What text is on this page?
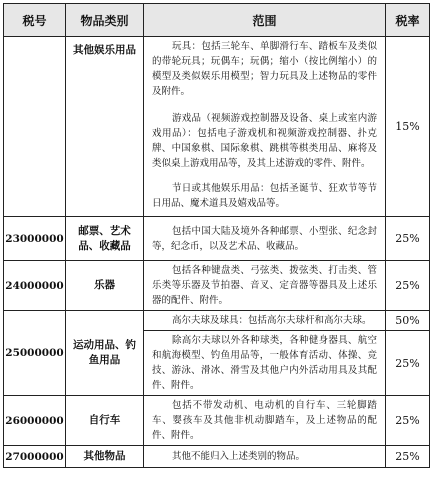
税号	物品类别	范围	税率
	其他娱乐用品	玩具：包括三轮车、单脚滑行车、踏板车及类似的带轮玩具；玩偶车；玩偶；缩小（按比例缩小）的模型及类似娱乐用模型；智力玩具及上述物品的零件及附件。

游戏品（视频游戏控制器及设备、桌上或室内游戏用品）：包括电子游戏机和视频游戏控制器、扑克牌、中国象棋、国际象棋、跳棋等棋类用品、麻将及类似桌上游戏用品等，及其上述游戏的零件、附件。

节日或其他娱乐用品：包括圣诞节、狂欢节等节日用品、魔术道具及嬉戏品等。	15%
23000000	邮票、艺术品、收藏品	包括中国大陆及境外各种邮票、小型张、纪念封等，纪念币，以及艺术品、收藏品。	25%
24000000	乐器	包括各种键盘类、弓弦类、拨弦类、打击类、管乐类等乐器及节拍器、音叉、定音器等器具及上述乐器的配件、附件。	25%
25000000	运动用品、钓鱼用品	高尔夫球及球具：包括高尔夫球杆和高尔夫球。	50%

		除高尔夫球以外各种球类，各种健身器具、航空和航海模型、钓鱼用品等，一般体育活动、体操、竞技、游泳、滑冰、滑雪及其他户内外活动用具及其配件、附件。	25%
26000000	自行车	包括不带发动机、电动机的自行车、三轮脚踏车、婴孩车及其他非机动脚踏车，及上述物品的配件、附件。	25%
27000000	其他物品	其他不能归入上述类别的物品。	25%
